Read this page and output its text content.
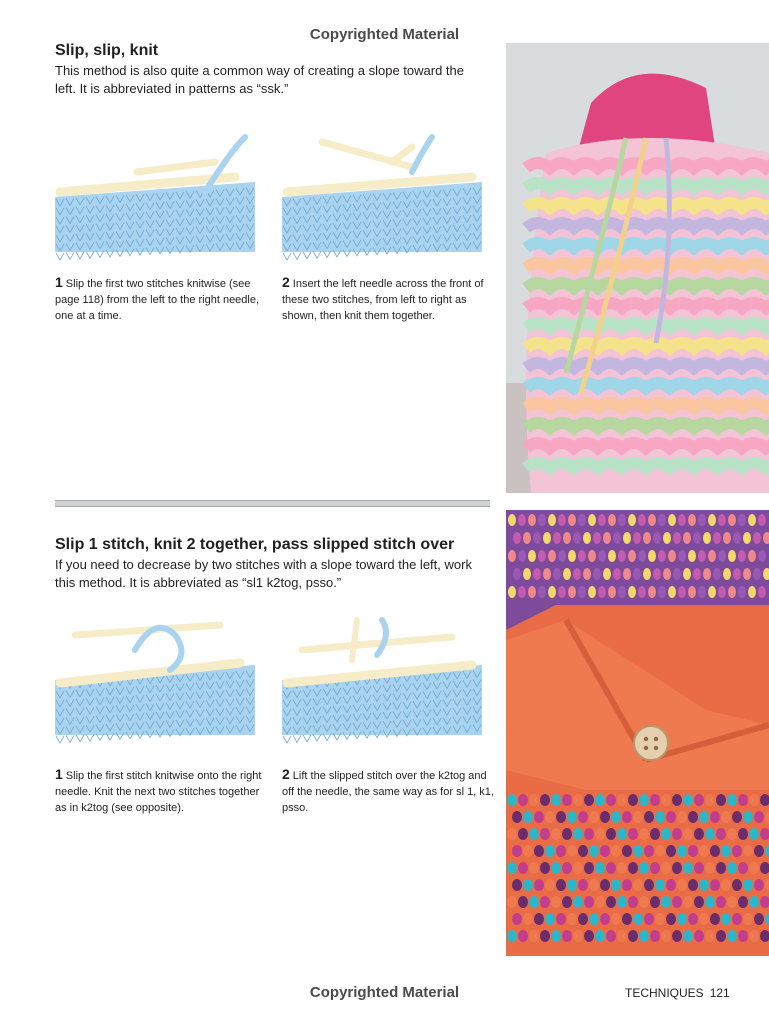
Copyrighted Material
Slip, slip, knit
This method is also quite a common way of creating a slope toward the left. It is abbreviated in patterns as “ssk.”
1 Slip the first two stitches knitwise (see page 118) from the left to the right needle, one at a time.
2 Insert the left needle across the front of these two stitches, from left to right as shown, then knit them together.
Slip 1 stitch, knit 2 together, pass slipped stitch over
If you need to decrease by two stitches with a slope toward the left, work this method. It is abbreviated as “sl1 k2tog, psso.”
1 Slip the first stitch knitwise onto the right needle. Knit the next two stitches together as in k2tog (see opposite).
2 Lift the slipped stitch over the k2tog and off the needle, the same way as for sl 1, k1, psso.
Copyrighted Material	TECHNIQUES 121
